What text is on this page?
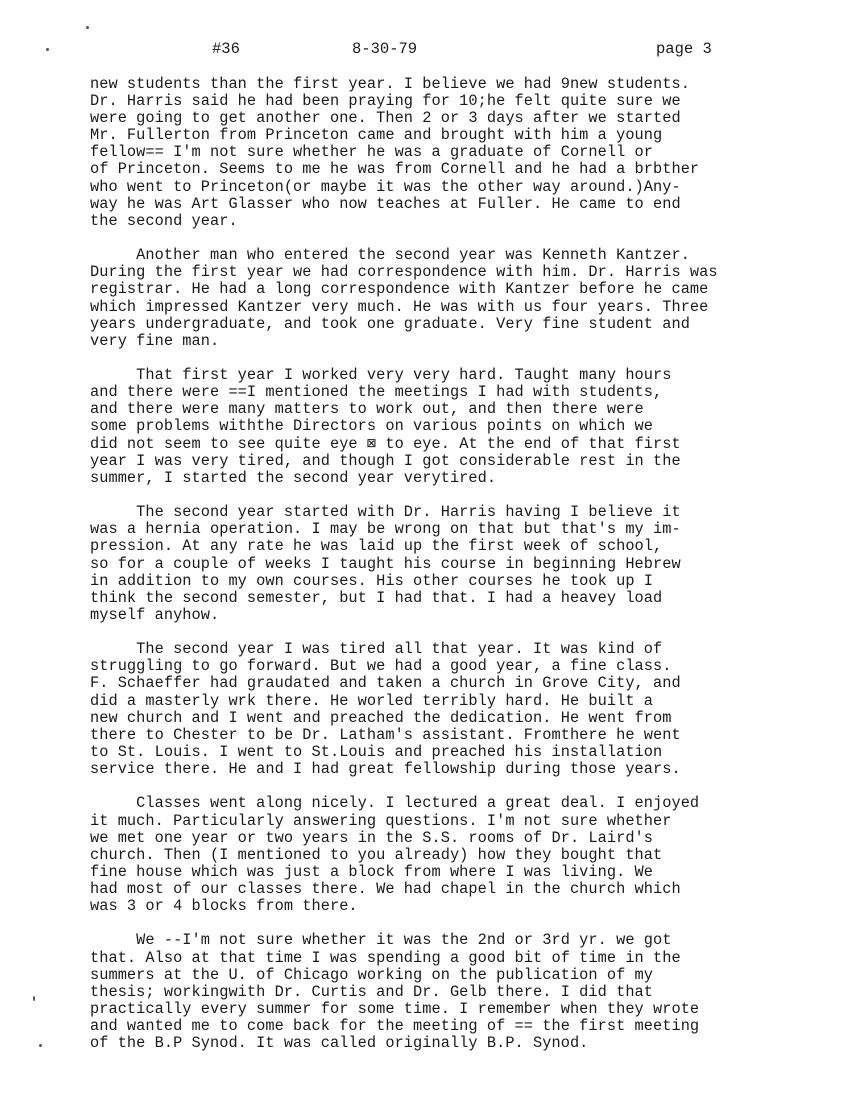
#36	8-30-79	page 3
new students than the first year. I believe we had 9new students.
Dr. Harris said he had been praying for 10;he felt quite sure we
were going to get another one. Then 2 or 3 days after we started
Mr. Fullerton from Princeton came and brought with him a young
fellow== I'm not sure whether he was a graduate of Cornell or
of Princeton. Seems to me he was from Cornell and he had a brbther
who went to Princeton(or maybe it was the other way around.)Any-
way he was Art Glasser who now teaches at Fuller. He came to end
the second year.
Another man who entered the second year was Kenneth Kantzer.
During the first year we had correspondence with him. Dr. Harris was
registrar. He had a long correspondence with Kantzer before he came
which impressed Kantzer very much. He was with us four years. Three
years undergraduate, and took one graduate. Very fine student and
very fine man.
That first year I worked very very hard. Taught many hours
and there were ==I mentioned the meetings I had with students,
and there were many matters to work out, and then there were
some problems withthe Directors on various points on which we
did not seem to see quite eye ⊠ to eye. At the end of that first
year I was very tired, and though I got considerable rest in the
summer, I started the second year verytired.
The second year started with Dr. Harris having I believe it
was a hernia operation. I may be wrong on that but that's my im-
pression. At any rate he was laid up the first week of school,
so for a couple of weeks I taught his course in beginning Hebrew
in addition to my own courses. His other courses he took up I
think the second semester, but I had that. I had a heavey load
myself anyhow.
The second year I was tired all that year. It was kind of
struggling to go forward. But we had a good year, a fine class.
F. Schaeffer had graudated and taken a church in Grove City, and
did a masterly wrk there. He worled terribly hard. He built a
new church and I went and preached the dedication. He went from
there to Chester to be Dr. Latham's assistant. Fromthere he went
to St. Louis. I went to St.Louis and preached his installation
service there. He and I had great fellowship during those years.
Classes went along nicely. I lectured a great deal. I enjoyed
it much. Particularly answering questions. I'm not sure whether
we met one year or two years in the S.S. rooms of Dr. Laird's
church. Then (I mentioned to you already) how they bought that
fine house which was just a block from where I was living. We
had most of our classes there. We had chapel in the church which
was 3 or 4 blocks from there.
We --I'm not sure whether it was the 2nd or 3rd yr. we got
that. Also at that time I was spending a good bit of time in the
summers at the U. of Chicago working on the publication of my
thesis; workingwith Dr. Curtis and Dr. Gelb there. I did that
practically every summer for some time. I remember when they wrote
and wanted me to come back for the meeting of == the first meeting
of the B.P Synod. It was called originally B.P. Synod.
